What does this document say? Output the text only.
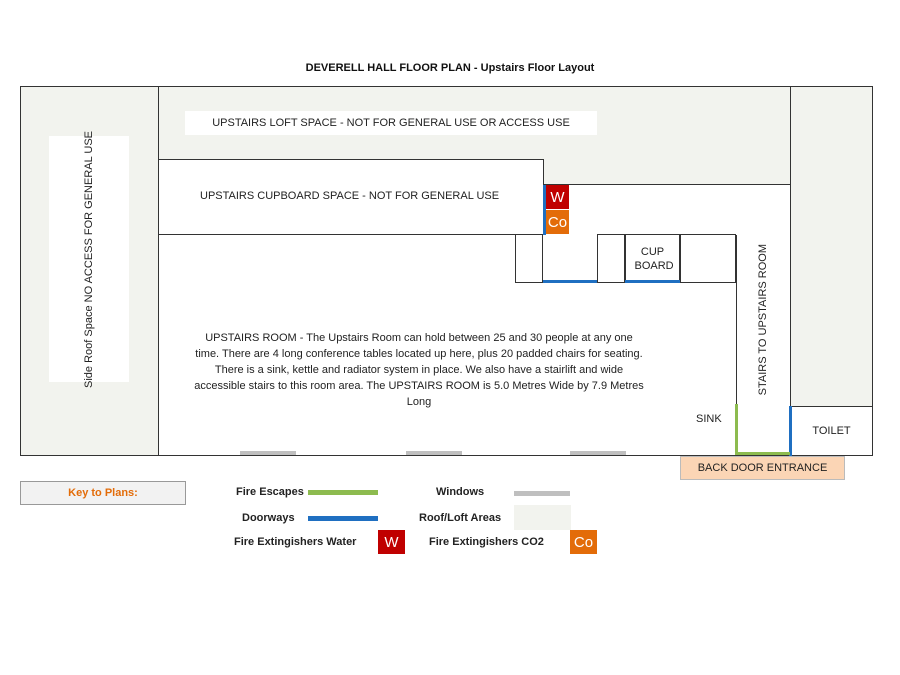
DEVERELL HALL FLOOR PLAN - Upstairs Floor Layout
Side Roof Space NO ACCESS FOR GENERAL USE
UPSTAIRS LOFT SPACE - NOT FOR GENERAL USE OR ACCESS USE
UPSTAIRS CUPBOARD SPACE - NOT FOR GENERAL USE
UPSTAIRS ROOM - The Upstairs Room can hold between 25 and 30 people at any one time. There are 4 long conference tables located up here, plus 20 padded chairs for seating. There is a sink, kettle and radiator system in place. We also have a stairlift and wide accessible stairs to this room area. The UPSTAIRS ROOM is 5.0 Metres Wide by 7.9 Metres Long
CUP BOARD	STAIRS TO UPSTAIRS ROOM
TOILET
SINK
BACK DOOR ENTRANCE
W
Co
Key to Plans:	Fire Escapes
Doorways
Fire Extingishers Water	W
Windows
Roof/Loft Areas
Fire Extingishers CO2 Co
